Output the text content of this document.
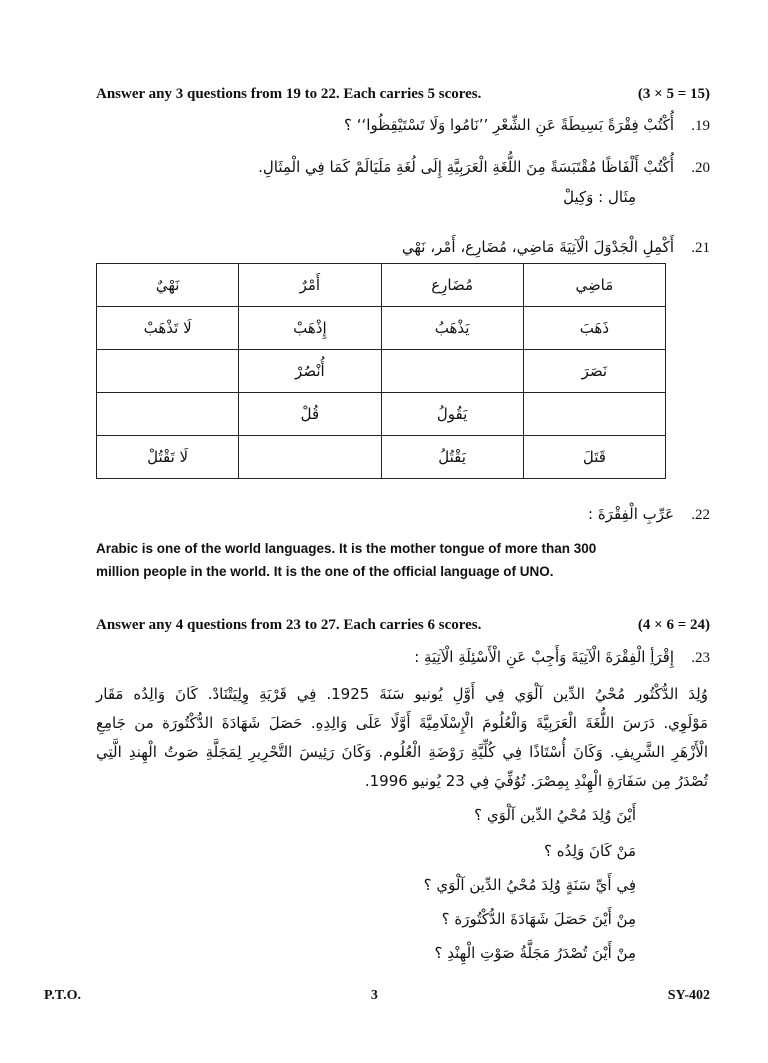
Answer any 3 questions from 19 to 22. Each carries 5 scores.	(3 × 5 = 15)
أُكْتُبْ فِقْرَةً بَسِيطَةً عَنِ الشِّعْرِ ’’نَامُوا وَلَا تَسْتَيْقِظُوا‘‘ ؟	.19
أُكْتُبْ أَلْفَاظًا مُقْتَبَسَةً مِنَ اللُّغَةِ الْعَرَبِيَّةِ إِلَى لُغَةِ مَلَيَالَمْ كَمَا فِي الْمِثَالِ.	.20
مِثَال : وَكِيلْ
أَكْمِلِ الْجَدْوَلَ الْآتِيَةَ مَاضِي، مُضَارِع، أَمْر، نَهْي	.21
مَاضِي	مُضَارِع	أَمْرٌ	نَهْيٌ
ذَهَبَ	يَذْهَبُ	إِذْهَبْ	لَا تَذْهَبْ
نَصَرَ		أُنْصُرْ	
	يَقُولُ	قُلْ	
قَتَلَ	يَقْتُلُ		لَا تَقْتُلْ
عَرِّبِ الْفِقْرَةَ :	.22
Arabic is one of the world languages. It is the mother tongue of more than 300
million people in the world. It is the one of the official language of UNO.
Answer any 4 questions from 23 to 27. Each carries 6 scores.	(4 × 6 = 24)
إِقْرَأِ الْفِقْرَةَ الْآتِيَةَ وَأَجِبْ عَنِ الْأَسْئِلَةِ الْآتِيَةِ :	.23
وُلِدَ الدُّكْتُور مُحْيُ الدِّين آلْوَي فِي أَوَّلِ يُونيو سَنَةَ 1925. فِي قَرْيَةِ وِلِيَتْنَادْ. كَانَ وَالِدُه مَقَار
مَوْلَوِي. دَرَسَ اللُّغَةَ الْعَرَبِيَّةَ وَالْعُلُومَ الْإِسْلَامِيَّةَ أَوَّلًا عَلَى وَالِدِهِ. حَصَلَ شَهَادَةَ الدُّكْتُورَة من جَامِعِ
الْأَزْهَرِ الشَّرِيفِ. وَكَانَ أُسْتَاذًا فِي كُلِّيَّةِ رَوْضَةِ الْعُلُوم. وَكَانَ رَئِيسَ التَّحْرِيرِ لِمَجَلَّةِ صَوتُ الْهِندِ الَّتِي
تُصْدَرُ مِن سَفَارَةِ الْهِنْدِ بِمِصْرَ. تُوُفِّيَ فِي 23 يُونيو 1996.
أَيْنَ وُلِدَ مُحْيُ الدِّين آلْوَي ؟
مَنْ كَانَ وَلِدُه ؟
فِي أَيِّ سَنَةٍ وُلِدَ مُحْيُ الدِّين آلْوَي ؟
مِنْ أَيْنَ حَصَلَ شَهَادَةَ الدُّكْتُورَة ؟
مِنْ أَيْنَ تُصْدَرُ مَجَلَّةُ صَوْتِ الْهِنْدِ ؟
P.T.O.	3	SY-402
